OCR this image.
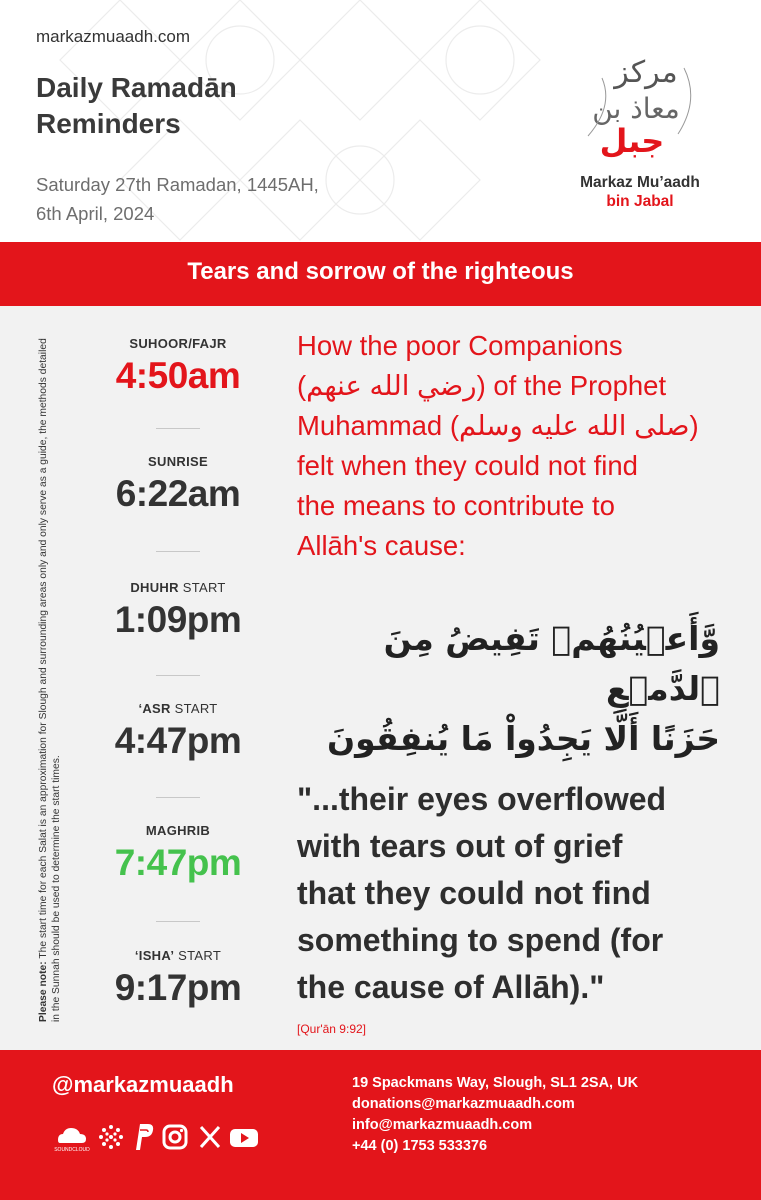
markazmuaadh.com
Daily Ramadān
Reminders
Saturday 27th Ramadan, 1445AH,
6th April, 2024
مركز
معاذ بن
جبل
Markaz Mu’aadh
bin Jabal
Tears and sorrow of the righteous
Please note: The start time for each Salat is an approximation for Slough and surrounding areas only and only serve as a guide, the methods detailed in the Sunnah should be used to determine the start times.
SUHOOR/FAJR
4:50am
SUNRISE
6:22am
DHUHR START
1:09pm
‘ASR START
4:47pm
MAGHRIB
7:47pm
‘ISHA’ START
9:17pm
How the poor Companions
(رضي الله عنهم) of the Prophet
Muhammad (صلى الله عليه وسلم)
felt when they could not find
the means to contribute to
Allāh's cause:
وَّأَعۡيُنُهُمۡ تَفِيضُ مِنَ ٱلدَّمۡعِ
حَزَنًا أَلَّا يَجِدُواْ مَا يُنفِقُونَ
"...their eyes overflowed
with tears out of grief
that they could not find
something to spend (for
the cause of Allāh)."
[Qur'ān 9:92]
@markazmuaadh
SOUNDCLOUD
19 Spackmans Way, Slough, SL1 2SA, UK
donations@markazmuaadh.com
info@markazmuaadh.com
+44 (0) 1753 533376
